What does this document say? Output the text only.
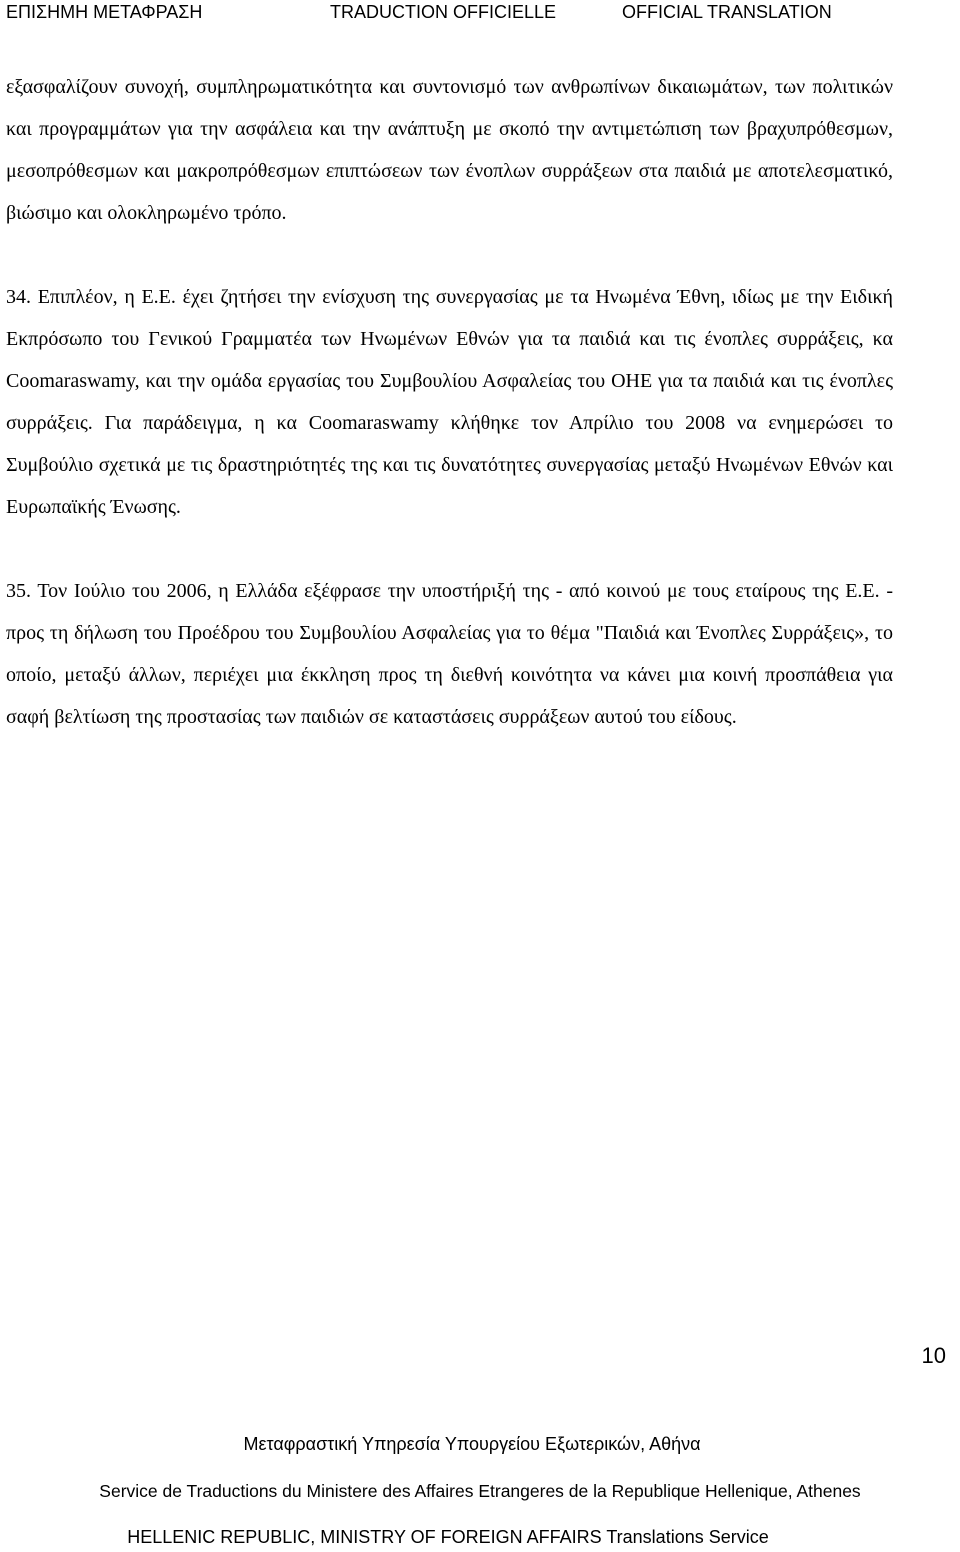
ΕΠΙΣΗΜΗ ΜΕΤΑΦΡΑΣΗ	TRADUCTION OFFICIELLE	OFFICIAL TRANSLATION

εξασφαλίζουν συνοχή, συμπληρωματικότητα και συντονισμό των ανθρωπίνων δικαιωμάτων, των πολιτικών και προγραμμάτων για την ασφάλεια και την ανάπτυξη με σκοπό την αντιμετώπιση των βραχυπρόθεσμων, μεσοπρόθεσμων και μακροπρόθεσμων επιπτώσεων των ένοπλων συρράξεων στα παιδιά με αποτελεσματικό, βιώσιμο και ολοκληρωμένο τρόπο.

34. Επιπλέον, η Ε.Ε. έχει ζητήσει την ενίσχυση της συνεργασίας με τα Ηνωμένα Έθνη, ιδίως με την Ειδική Εκπρόσωπο του Γενικού Γραμματέα των Ηνωμένων Εθνών για τα παιδιά και τις ένοπλες συρράξεις, κα Coomaraswamy, και την ομάδα εργασίας του Συμβουλίου Ασφαλείας του ΟΗΕ για τα παιδιά και τις ένοπλες συρράξεις. Για παράδειγμα, η κα Coomaraswamy κλήθηκε τον Απρίλιο του 2008 να ενημερώσει το Συμβούλιο σχετικά με τις δραστηριότητές της και τις δυνατότητες συνεργασίας μεταξύ Ηνωμένων Εθνών και Ευρωπαϊκής Ένωσης.

35. Τον Ιούλιο του 2006, η Ελλάδα εξέφρασε την υποστήριξή της - από κοινού με τους εταίρους της Ε.Ε. - προς τη δήλωση του Προέδρου του Συμβουλίου Ασφαλείας για το θέμα "Παιδιά και Ένοπλες Συρράξεις», το οποίο, μεταξύ άλλων, περιέχει μια έκκληση προς τη διεθνή κοινότητα να κάνει μια κοινή προσπάθεια για σαφή βελτίωση της προστασίας των παιδιών σε καταστάσεις συρράξεων αυτού του είδους.

10
Μεταφραστική Υπηρεσία Υπουργείου Εξωτερικών, Αθήνα
Service de Traductions du Ministere des Affaires Etrangeres de la Republique Hellenique, Athenes
HELLENIC REPUBLIC, MINISTRY OF FOREIGN AFFAIRS Translations Service
